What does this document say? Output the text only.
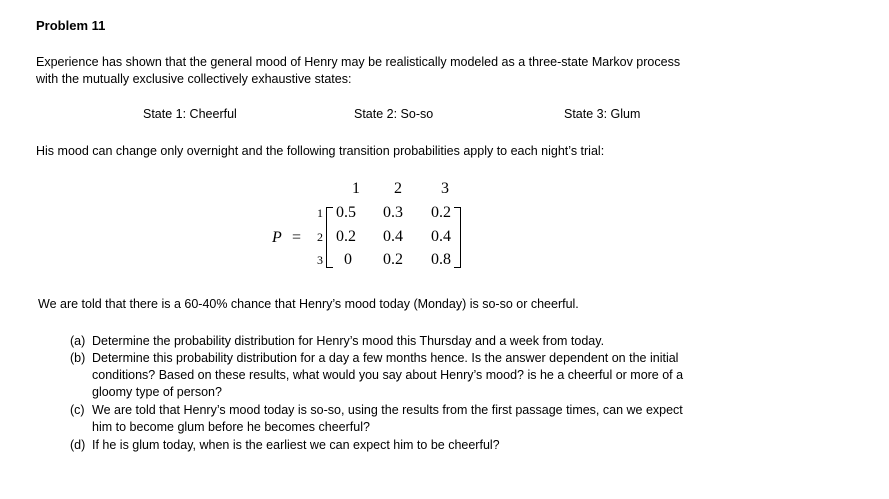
Problem 11
Experience has shown that the general mood of Henry may be realistically modeled as a three-state Markov process
with the mutually exclusive collectively exhaustive states:
State 1: Cheerful	State 2: So-so	State 3: Glum
His mood can change only overnight and the following transition probabilities apply to each night’s trial:
1 2 3
P =
1
2
3
0.5 0.3 0.2
0.2 0.4 0.4
0 0.2 0.8
We are told that there is a 60-40% chance that Henry’s mood today (Monday) is so-so or cheerful.
(a) Determine the probability distribution for Henry’s mood this Thursday and a week from today.
(b) Determine this probability distribution for a day a few months hence. Is the answer dependent on the initial
conditions? Based on these results, what would you say about Henry’s mood? is he a cheerful or more of a
gloomy type of person?
(c) We are told that Henry’s mood today is so-so, using the results from the first passage times, can we expect
him to become glum before he becomes cheerful?
(d) If he is glum today, when is the earliest we can expect him to be cheerful?
